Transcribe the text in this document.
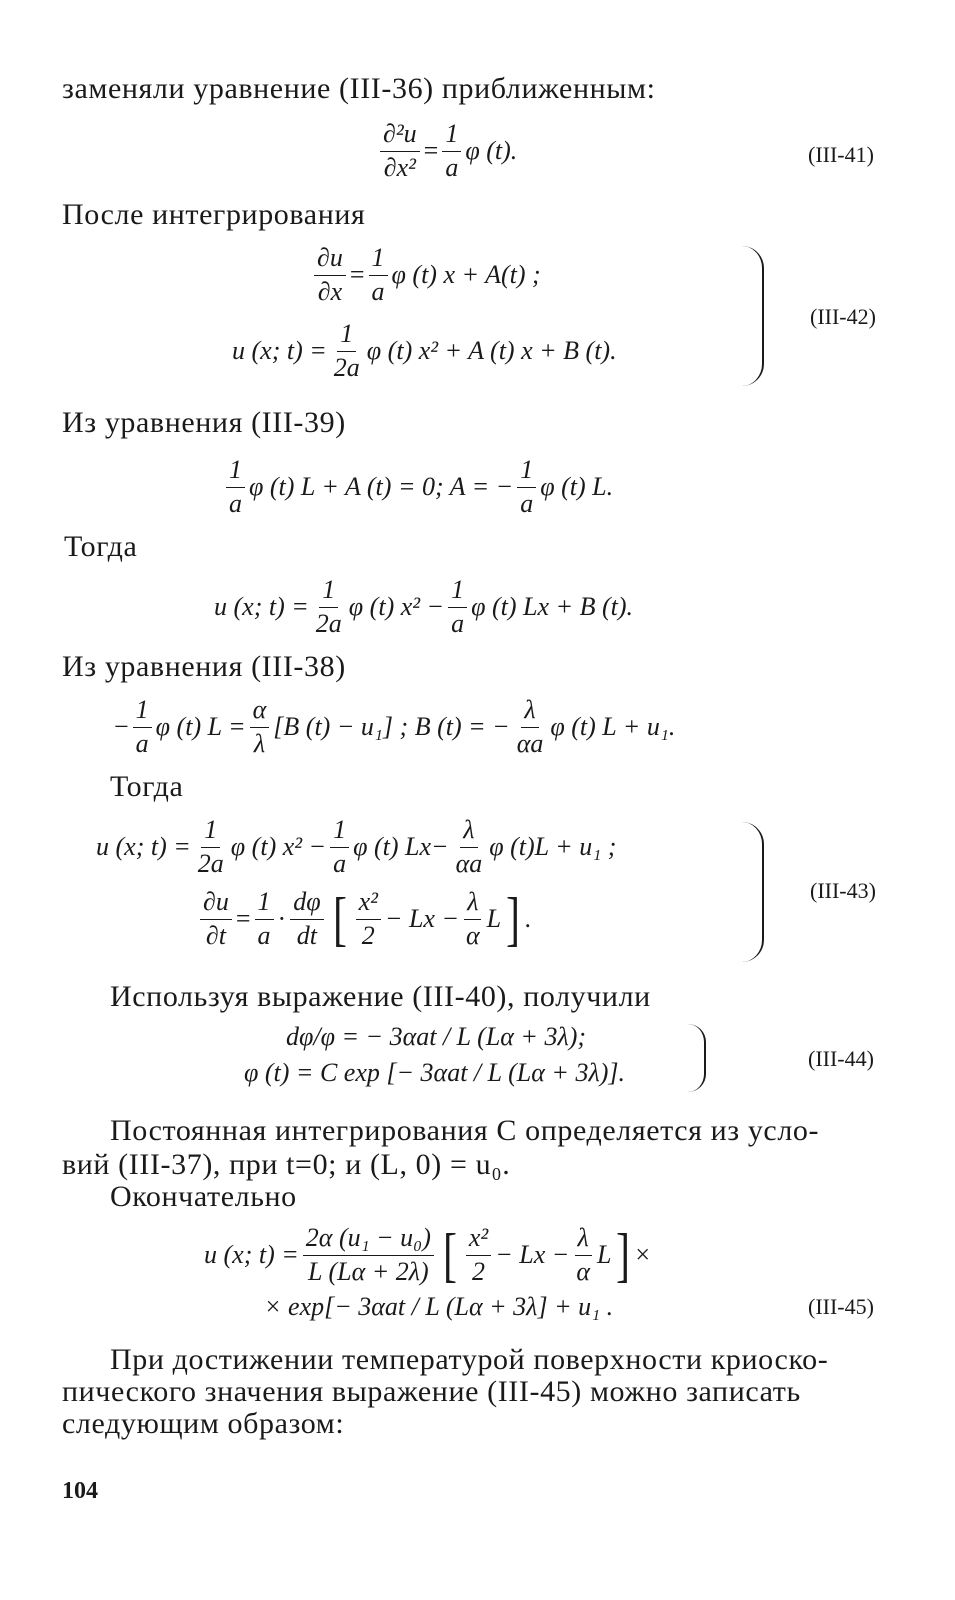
заменяли уравнение (III-36) приближенным:
$\frac{\text{∂²u}}{\text{∂x²}} = \frac{1}{a}$ φ (t).	(III-41)
После интегрирования
$\frac{\partial u}{\partial x} = \frac{1}{a}$ φ (t) x + A(t) ;
u (x; $t) = \frac{1}{2a}$ φ (t) x² + A (t) x + B (t).
(III-42)
Из уравнения (III-39)
$\frac{1}{a}$ φ (t) L + A (t) = 0; A = − $\frac{1}{a}$ φ (t) L.
Тогда
u (x; $t) = \frac{1}{2a}$ φ (t) $x^2 - \frac{1}{a}$ φ (t) Lx + B (t).
Из уравнения (III-38)
− $\frac{1}{a}$ φ (t) $L = \frac{\alpha}{\lambda} [B$ (t) − u₁] ; B (t) = − $\frac{\lambda}{\alpha a}$ φ (t) L + u₁.
Тогда
u (x; $t) = \frac{1}{2a}$ φ (t) $x^2 - \frac{1}{a}$ φ (t) $Lx- \frac{\lambda}{\alpha a}$ φ (t)L + u₁ ;
$\frac{\partial u}{\partial t} = \frac{1}{a} \cdot \frac{d\varphi}{dt}$ [ $\frac{\text{x²}}{2} - Lx - \frac{\lambda}{\alpha}$ L ] .
(III-43)
Используя выражение (III-40), получили
dφ/φ = − 3αat / L (Lα + 3λ);
φ (t) = C exp [− 3αat / L (Lα + 3λ)].	(III-44)
Постоянная интегрирования C определяется из усло-
вий (III-37), при t=0; и (L, 0) = u₀.
Окончательно
u (x; $t) = \frac{\text{2α (u₁ − u₀)}}{L (L\alpha + 2\lambda)}$ [ $\frac{\text{x²}}{2} - Lx - \frac{\lambda}{\alpha}$ L ] ×
× exp[− 3αat / L (Lα + 3λ] + u₁ .	(III-45)
При достижении температурой поверхности криоско-
пического значения выражение (III-45) можно записать
следующим образом:
104
